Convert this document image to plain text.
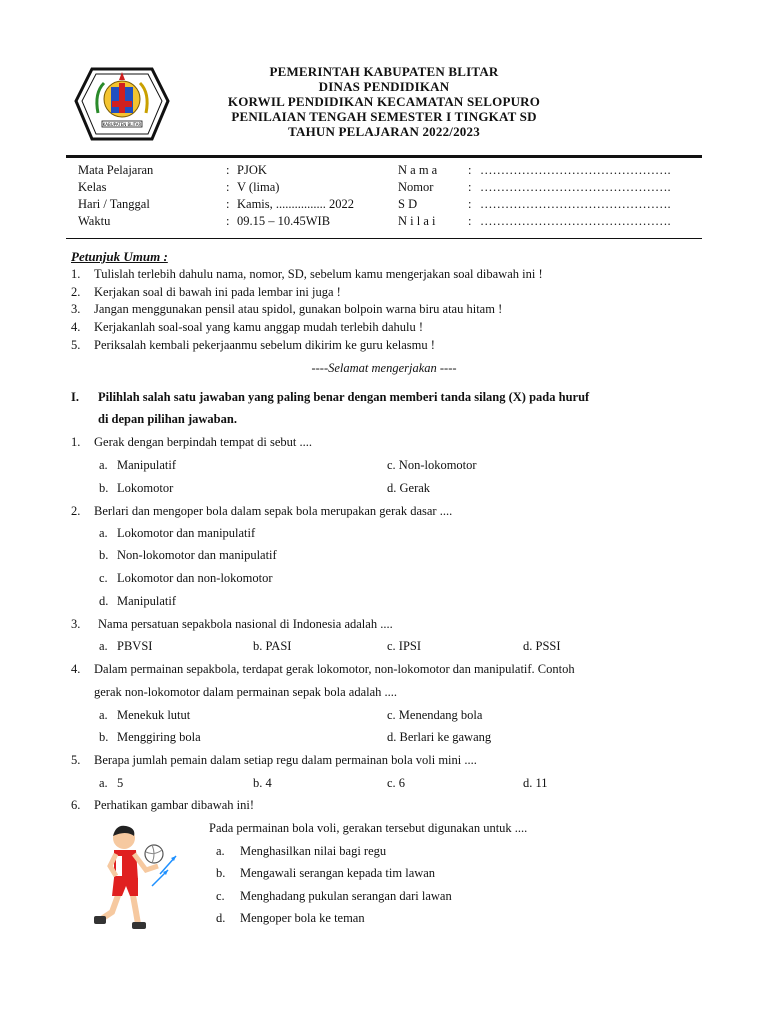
KABUPATEN BLITAR
PEMERINTAH KABUPATEN BLITAR
DINAS PENDIDIKAN
KORWIL PENDIDIKAN KECAMATAN SELOPURO
PENILAIAN TENGAH SEMESTER I TINGKAT SD
TAHUN PELAJARAN 2022/2023
Mata Pelajaran	: PJOK
Kelas	: V (lima)
Hari / Tanggal	: Kamis, ................ 2022
Waktu	: 09.15 – 10.45WIB
N a m a : ……………………………………….
Nomor	: ……………………………………….
S D	: ……………………………………….
N i l a i	: ……………………………………….
Petunjuk Umum :
1. Tulislah terlebih dahulu nama, nomor, SD, sebelum kamu mengerjakan soal dibawah ini !
2. Kerjakan soal di bawah ini pada lembar ini juga !
3. Jangan menggunakan pensil atau spidol, gunakan bolpoin warna biru atau hitam !
4. Kerjakanlah soal-soal yang kamu anggap mudah terlebih dahulu !
5. Periksalah kembali pekerjaanmu sebelum dikirim ke guru kelasmu !
----Selamat mengerjakan ----
I. Pilihlah salah satu jawaban yang paling benar dengan memberi tanda silang (X) pada huruf
di depan pilihan jawaban.
1. Gerak dengan berpindah tempat di sebut ....
a. Manipulatif	c. Non-lokomotor
b. Lokomotor	d. Gerak
2. Berlari dan mengoper bola dalam sepak bola merupakan gerak dasar ....
a. Lokomotor dan manipulatif
b. Non-lokomotor dan manipulatif
c. Lokomotor dan non-lokomotor
d. Manipulatif
3. Nama persatuan sepakbola nasional di Indonesia adalah ....
a. PBVSI	b. PASI	c. IPSI	d. PSSI
4. Dalam permainan sepakbola, terdapat gerak lokomotor, non-lokomotor dan manipulatif. Contoh
gerak non-lokomotor dalam permainan sepak bola adalah ....
a. Menekuk lutut	c. Menendang bola
b. Menggiring bola	d. Berlari ke gawang
5. Berapa jumlah pemain dalam setiap regu dalam permainan bola voli mini ....
a. 5	b. 4	c. 6	d. 11
6. Perhatikan gambar dibawah ini!
Pada permainan bola voli, gerakan tersebut digunakan untuk ....
a. Menghasilkan nilai bagi regu
b. Mengawali serangan kepada tim lawan
c. Menghadang pukulan serangan dari lawan
d. Mengoper bola ke teman
